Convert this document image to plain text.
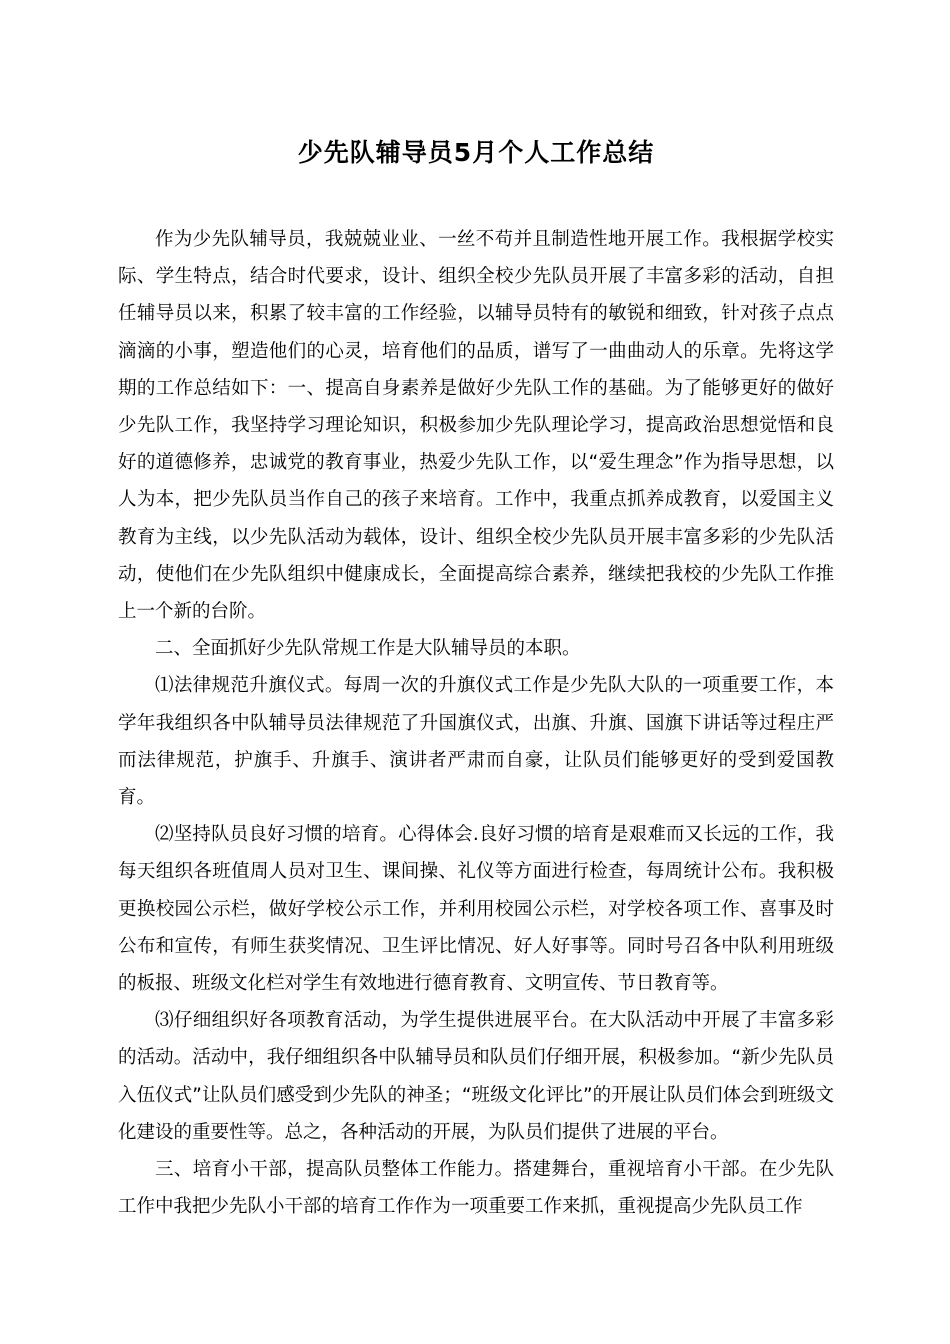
少先队辅导员5月个人工作总结

作为少先队辅导员，我兢兢业业、一丝不苟并且制造性地开展工作。我根据学校实际、学生特点，结合时代要求，设计、组织全校少先队员开展了丰富多彩的活动，自担任辅导员以来，积累了较丰富的工作经验，以辅导员特有的敏锐和细致，针对孩子点点滴滴的小事，塑造他们的心灵，培育他们的品质，谱写了一曲曲动人的乐章。先将这学期的工作总结如下：一、提高自身素养是做好少先队工作的基础。为了能够更好的做好少先队工作，我坚持学习理论知识，积极参加少先队理论学习，提高政治思想觉悟和良好的道德修养，忠诚党的教育事业，热爱少先队工作，以“爱生理念”作为指导思想，以人为本，把少先队员当作自己的孩子来培育。工作中，我重点抓养成教育，以爱国主义教育为主线，以少先队活动为载体，设计、组织全校少先队员开展丰富多彩的少先队活动，使他们在少先队组织中健康成长，全面提高综合素养，继续把我校的少先队工作推上一个新的台阶。

二、全面抓好少先队常规工作是大队辅导员的本职。

⑴法律规范升旗仪式。每周一次的升旗仪式工作是少先队大队的一项重要工作，本学年我组织各中队辅导员法律规范了升国旗仪式，出旗、升旗、国旗下讲话等过程庄严而法律规范，护旗手、升旗手、演讲者严肃而自豪，让队员们能够更好的受到爱国教育。

⑵坚持队员良好习惯的培育。心得体会.良好习惯的培育是艰难而又长远的工作，我每天组织各班值周人员对卫生、课间操、礼仪等方面进行检查，每周统计公布。我积极更换校园公示栏，做好学校公示工作，并利用校园公示栏，对学校各项工作、喜事及时公布和宣传，有师生获奖情况、卫生评比情况、好人好事等。同时号召各中队利用班级的板报、班级文化栏对学生有效地进行德育教育、文明宣传、节日教育等。

⑶仔细组织好各项教育活动，为学生提供进展平台。在大队活动中开展了丰富多彩的活动。活动中，我仔细组织各中队辅导员和队员们仔细开展，积极参加。“新少先队员入伍仪式”让队员们感受到少先队的神圣；“班级文化评比”的开展让队员们体会到班级文化建设的重要性等。总之，各种活动的开展，为队员们提供了进展的平台。

三、培育小干部，提高队员整体工作能力。搭建舞台，重视培育小干部。在少先队工作中我把少先队小干部的培育工作作为一项重要工作来抓，重视提高少先队员工作
